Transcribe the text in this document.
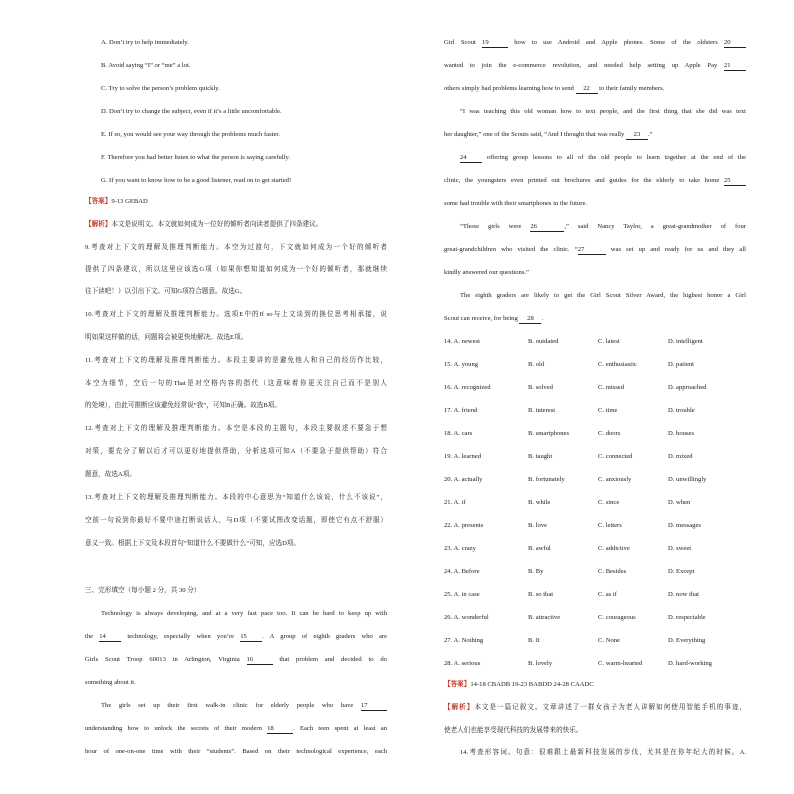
A. Don’t try to help immediately.
B. Avoid saying “I” or “me” a lot.
C. Try to solve the person’s problem quickly.
D. Don’t try to change the subject, even if it’s a little uncomfortable.
E. If so, you would see your way through the problems much faster.
F. Therefore you had better listen to what the person is saying carefully.
G. If you want to know how to be a good listener, read on to get started!
【答案】9-13 GEBAD
【解析】本文是说明文。本文就如何成为一位好的倾听者向读者提供了四条建议。
9.考查对上下文的理解及推理判断能力。本空为过渡句，下文就如何成为一个好的倾听者
提供了四条建议，所以这里应该选G项（如果你想知道如何成为一个好的倾听者，那就继续
往下读吧！）以引出下文。可知G项符合题意。故选G。
10.考查对上下文的理解及推理判断能力。选项E中的If so与上文谈到的换位思考相承接，说
明如果这样做的话，问题将会被更快地解决。故选E项。
11.考查对上下文的理解及推理判断能力。本段主要讲的是避免他人和自己的经历作比较，
本空为细节，空后一句的That是对空格内容的指代（这意味着你更关注自己而不是别人
的处境），由此可推断应该避免经常说“我”，可知B正确。故选B项。
12.考查对上下文的理解及推理判断能力。本空是本段的主题句，本段主要叙述不要急于想
对策，要充分了解以后才可以更好地提供帮助，分析选项可知A（不要急于提供帮助）符合
题意，故选A项。
13.考查对上下文的理解及推理判断能力。本段的中心意思为“知道什么该说，什么不该说”，
空前一句说到你最好不要中途打断说话人，与D项（不要试图改变话题，即使它有点不舒服）
意义一致。根据上下文及本段首句“知道什么不要做什么”可知，应选D项。
三、完形填空（每小题 2 分，共 30 分）
Technology is always developing, and at a very fast pace too. It can be hard to keep up with
the 14	technology, especially when you’re 15 . A group of eighth graders who are
Girls Scout Troop 60013 in Arlington, Virginia 16	that problem and decided to do
something about it.
The girls set up their first walk-in clinic for elderly people who have 17
understanding how to unlock the secrets of their modern 18	. Each teen spent at least an
hour of one-on-one time with their “students”. Based on their technological experience, each
Girl Scout 19	how to use Android and Apple phones. Some of the oldsters 20
wanted to join the e-commerce revolution, and needed help setting up Apple Pay 21
others simply had problems learning how to send 22 to their family members.
“I was teaching this old woman how to text people, and the first thing that she did was text
her daughter,” one of the Scouts said, “And I thought that was really 23 .”
24	offering group lessons to all of the old people to learn together at the end of the
clinic, the youngsters even printed out brochures and guides for the elderly to take home 25
some had trouble with their smartphones in the future.
“Those girls were 26	,” said Nancy Taylor, a great-grandmother of four
great-grandchildren who visited the clinic. “27	was set up and ready for us and they all
kindly answered our questions.”
The eighth graders are likely to get the Girl Scout Silver Award, the highest honor a Girl
Scout can receive, for being 28 .
14. A. newest	B. outdated	C. latest	D. intelligent
15. A. young	B. old	C. enthusiastic	D. patient
16. A. recognized	B. solved	C. missed	D. approached
17. A. friend	B. interest	C. time	D. trouble
18. A. cars	B. smartphones	C. doors	D. houses
19. A. learned	B. taught	C. connected	D. mixed
20. A. actually	B. fortunately	C. anxiously	D. unwillingly
21. A. if	B. while	C. since	D. when
22. A. presents	B. love	C. letters	D. messages
23. A. crazy	B. awful	C. addictive	D. sweet
24. A. Before	B. By	C. Besides	D. Except
25. A. in case	B. so that	C. as if	D. now that
26. A. wonderful	B. attractive	C. courageous	D. respectable
27. A. Nothing	B. It	C. None	D. Everything
28. A. serious	B. lovely	C. warm-hearted	D. hard-working
【答案】14-18 CBADB 19-23 BABDD 24-28 CAADC
【解析】本文是一篇记叙文。文章讲述了一群女孩子为老人讲解如何使用智能手机的事迹，
使老人们也能享受现代科技的发展带来的快乐。
14.考查形容词。句意：很难跟上最新科技发展的步伐，尤其是在你年纪大的时候。A.
